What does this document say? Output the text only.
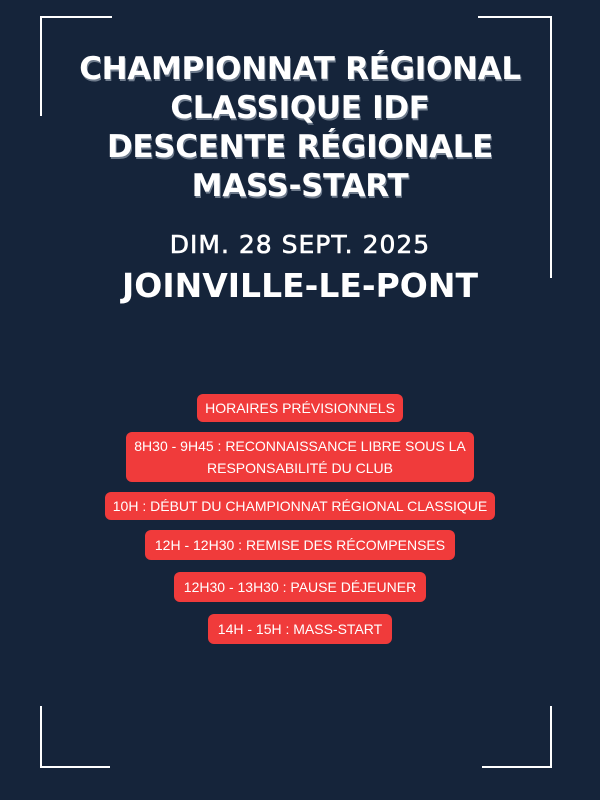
CHAMPIONNAT RÉGIONAL
CLASSIQUE IDF
DESCENTE RÉGIONALE
MASS-START
DIM. 28 SEPT. 2025
JOINVILLE-LE-PONT
HORAIRES PRÉVISIONNELS
8H30 - 9H45 : RECONNAISSANCE LIBRE SOUS LA
RESPONSABILITÉ DU CLUB
10H : DÉBUT DU CHAMPIONNAT RÉGIONAL CLASSIQUE
12H - 12H30 : REMISE DES RÉCOMPENSES
12H30 - 13H30 : PAUSE DÉJEUNER
14H - 15H : MASS-START
